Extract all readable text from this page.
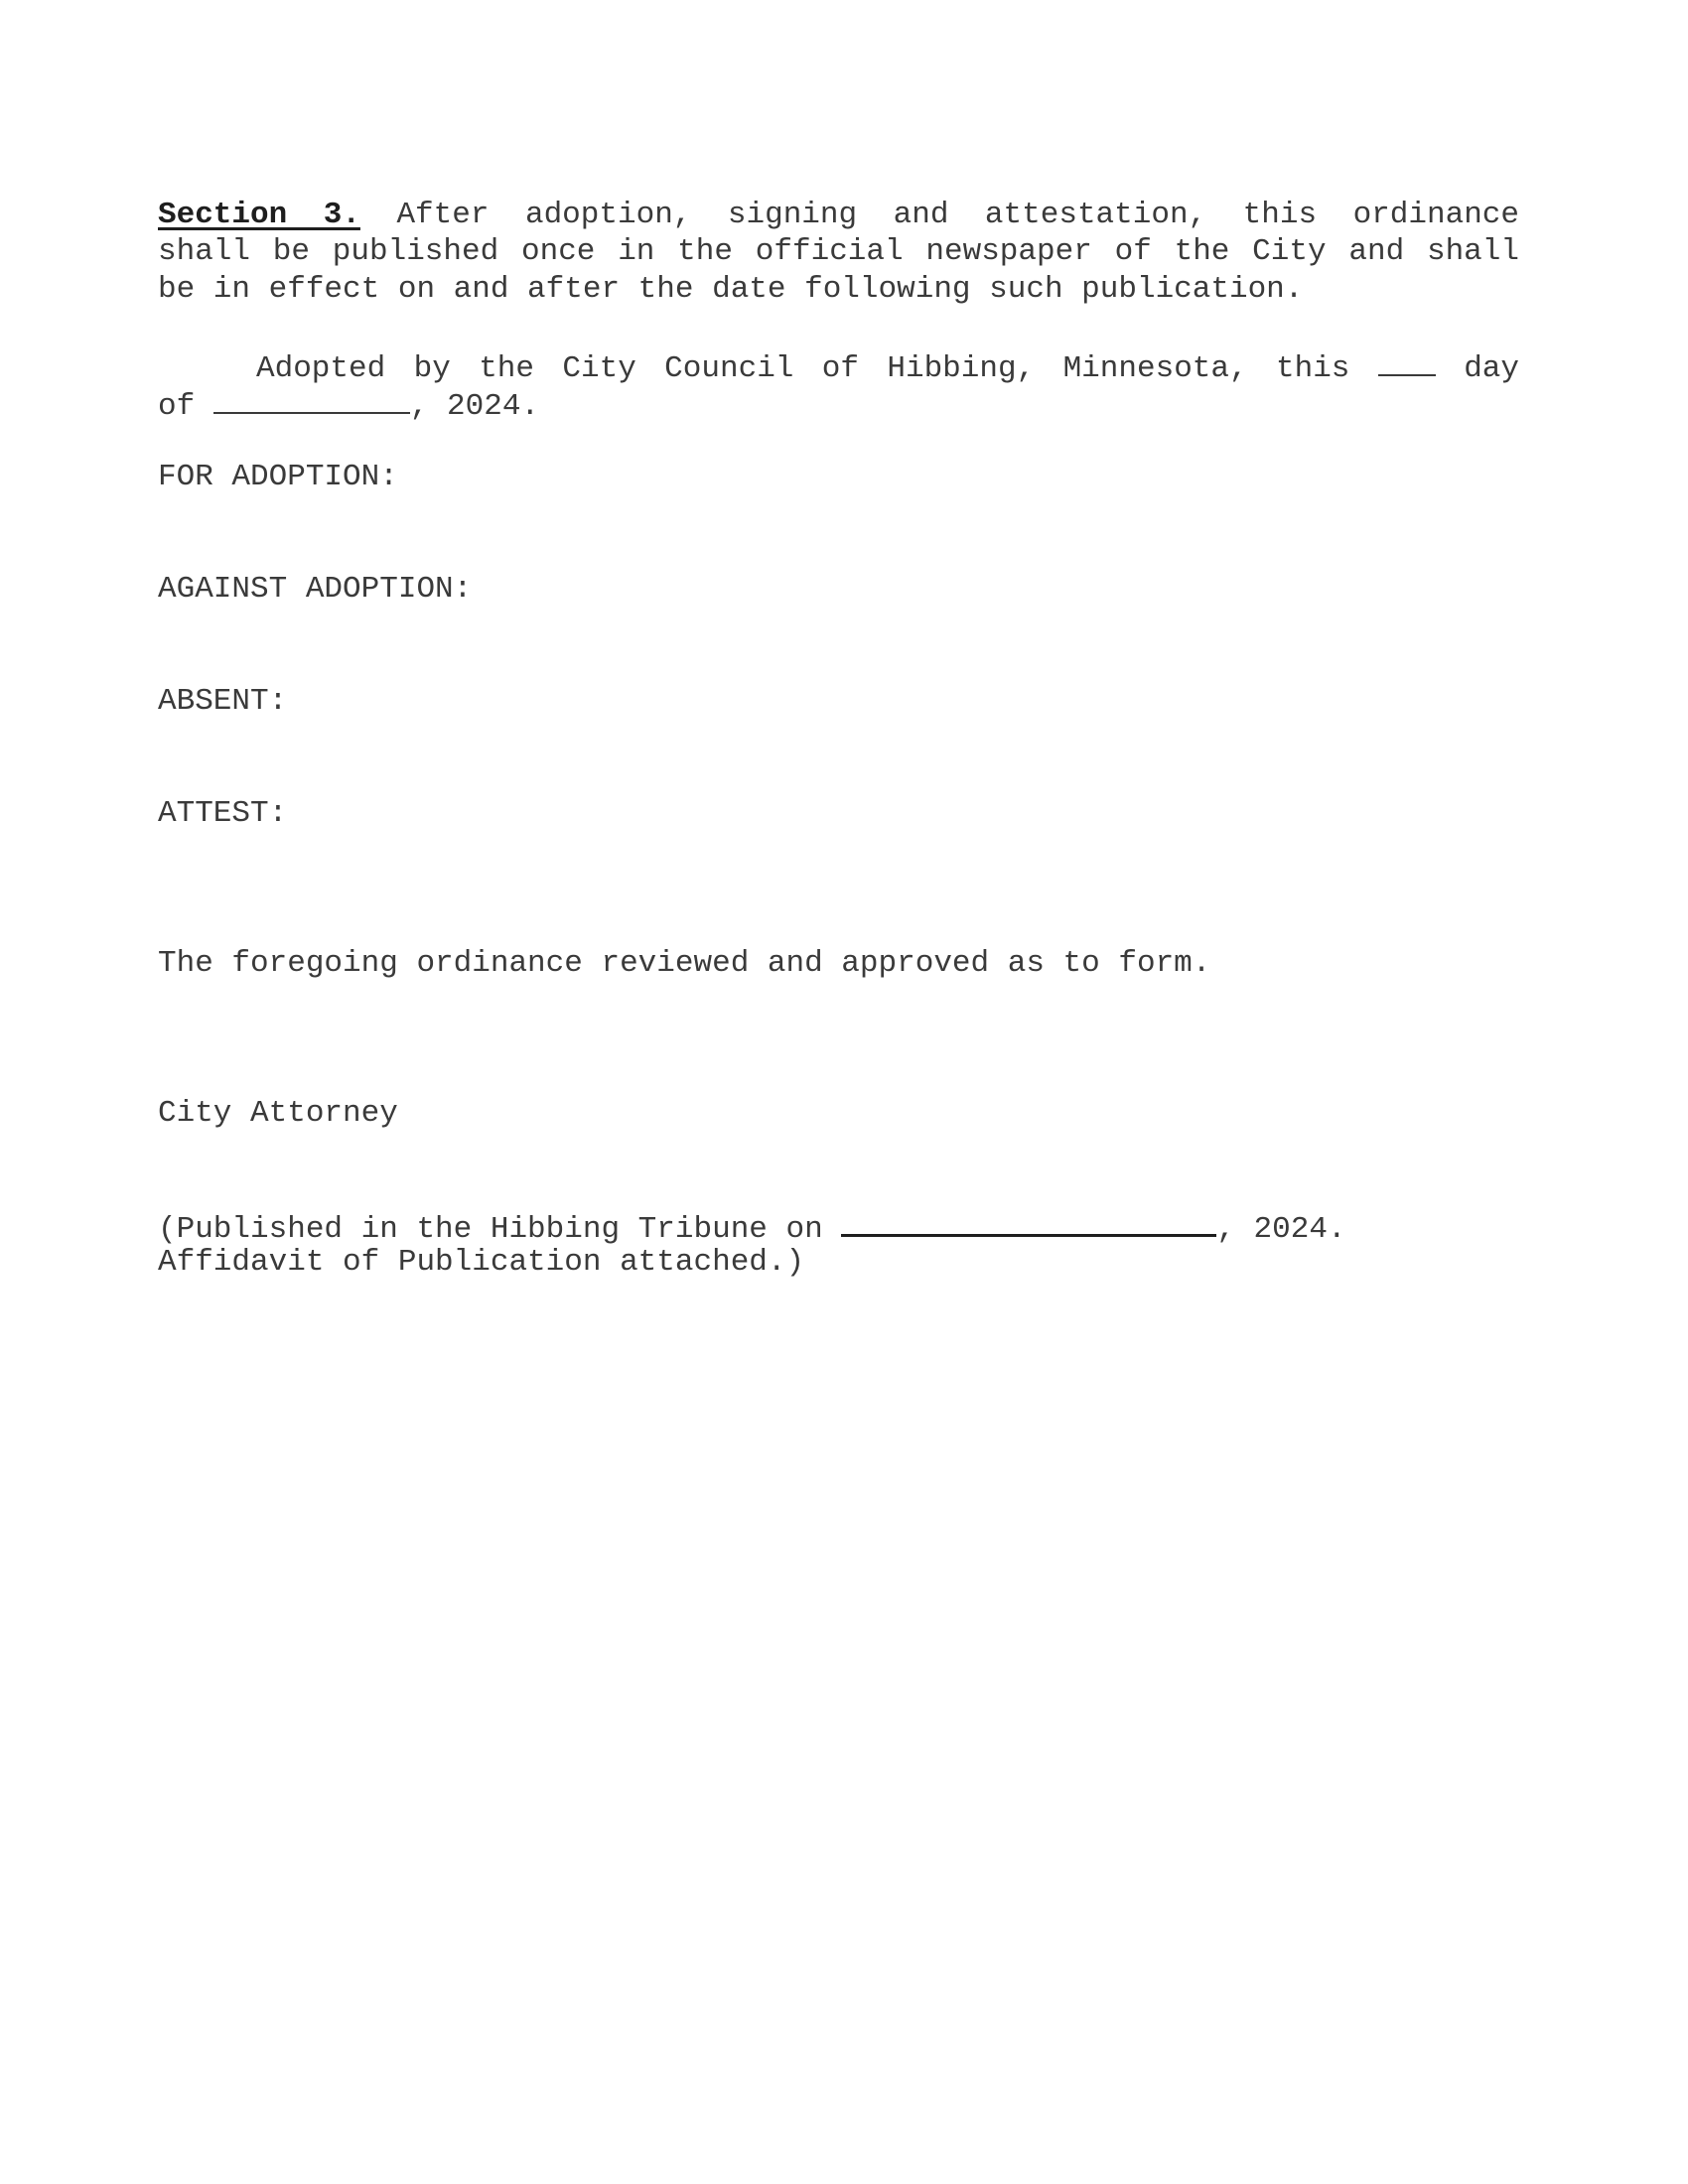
Section 3. After adoption, signing and attestation, this ordinance
shall be published once in the official newspaper of the City and shall
be in effect on and after the date following such publication.
Adopted by the City Council of Hibbing, Minnesota, this	day
of	, 2024.
FOR ADOPTION:
AGAINST ADOPTION:
ABSENT:
ATTEST:
The foregoing ordinance reviewed and approved as to form.
City Attorney
(Published in the Hibbing Tribune on	, 2024.
Affidavit of Publication attached.)
